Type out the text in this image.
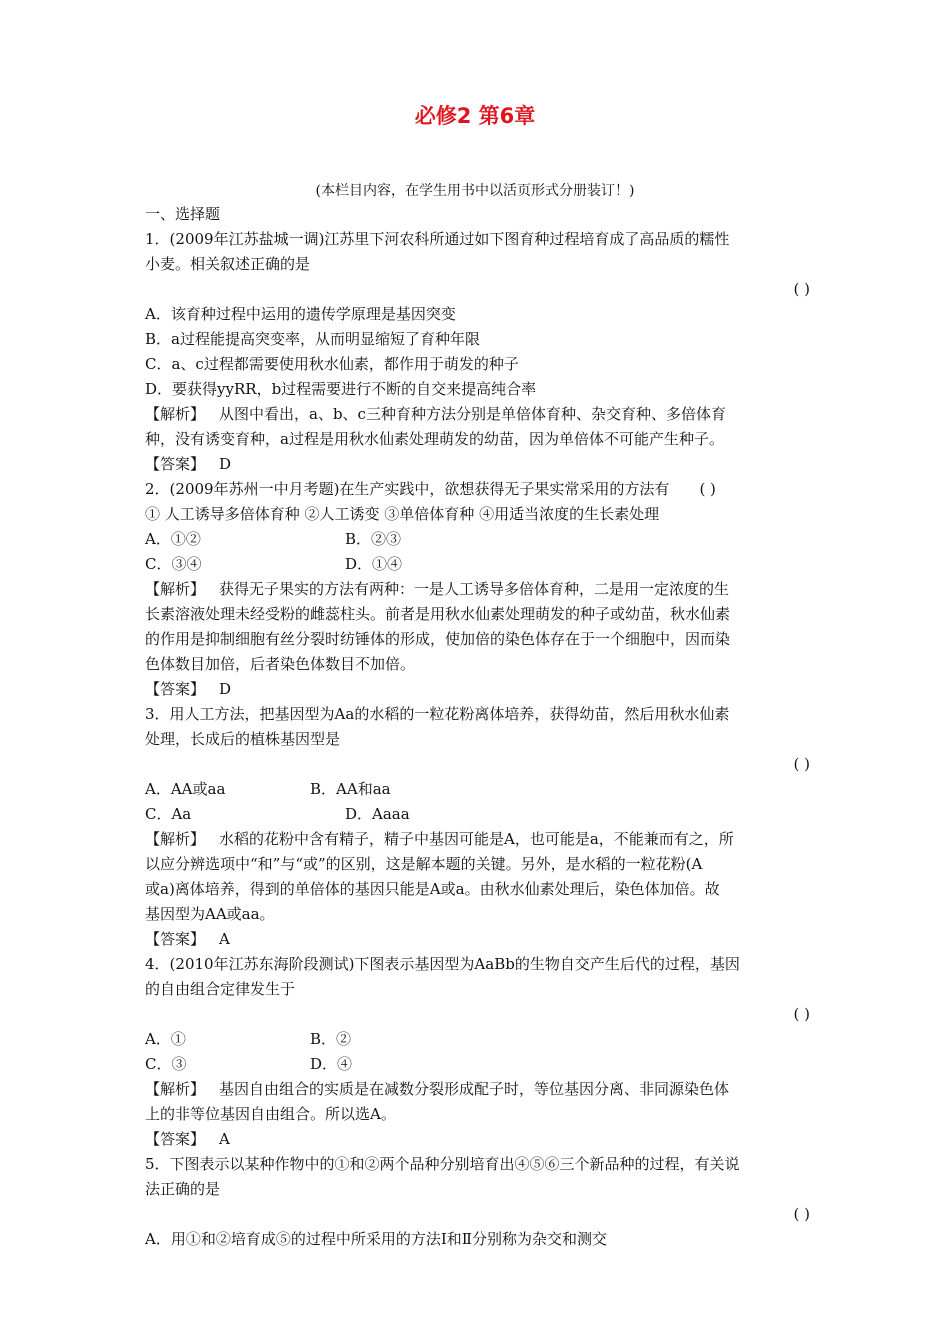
必修2 第6章
(本栏目内容，在学生用书中以活页形式分册装订！)
一、选择题
1．(2009年江苏盐城一调)江苏里下河农科所通过如下图育种过程培育成了高品质的糯性
小麦。相关叙述正确的是
( )
A．该育种过程中运用的遗传学原理是基因突变
B．a过程能提高突变率，从而明显缩短了育种年限
C．a、c过程都需要使用秋水仙素，都作用于萌发的种子
D．要获得yyRR，b过程需要进行不断的自交来提高纯合率
【解析】 从图中看出，a、b、c三种育种方法分别是单倍体育种、杂交育种、多倍体育
种，没有诱变育种，a过程是用秋水仙素处理萌发的幼苗，因为单倍体不可能产生种子。
【答案】 D
2．(2009年苏州一中月考题)在生产实践中，欲想获得无子果实常采用的方法有 ( )
① 人工诱导多倍体育种 ②人工诱变 ③单倍体育种 ④用适当浓度的生长素处理
A．①②	B．②③
C．③④	D．①④
【解析】 获得无子果实的方法有两种：一是人工诱导多倍体育种，二是用一定浓度的生
长素溶液处理未经受粉的雌蕊柱头。前者是用秋水仙素处理萌发的种子或幼苗，秋水仙素
的作用是抑制细胞有丝分裂时纺锤体的形成，使加倍的染色体存在于一个细胞中，因而染
色体数目加倍，后者染色体数目不加倍。
【答案】 D
3．用人工方法，把基因型为Aa的水稻的一粒花粉离体培养，获得幼苗，然后用秋水仙素
处理，长成后的植株基因型是
( )
A．AA或aa	B．AA和aa
C．Aa	D．Aaaa
【解析】 水稻的花粉中含有精子，精子中基因可能是A，也可能是a，不能兼而有之，所
以应分辨选项中“和”与“或”的区别，这是解本题的关键。另外，是水稻的一粒花粉(A
或a)离体培养，得到的单倍体的基因只能是A或a。由秋水仙素处理后，染色体加倍。故
基因型为AA或aa。
【答案】 A
4．(2010年江苏东海阶段测试)下图表示基因型为AaBb的生物自交产生后代的过程，基因
的自由组合定律发生于
( )
A．①	B．②
C．③	D．④
【解析】 基因自由组合的实质是在减数分裂形成配子时，等位基因分离、非同源染色体
上的非等位基因自由组合。所以选A。
【答案】 A
5．下图表示以某种作物中的①和②两个品种分别培育出④⑤⑥三个新品种的过程，有关说
法正确的是
( )
A．用①和②培育成⑤的过程中所采用的方法Ⅰ和Ⅱ分别称为杂交和测交
